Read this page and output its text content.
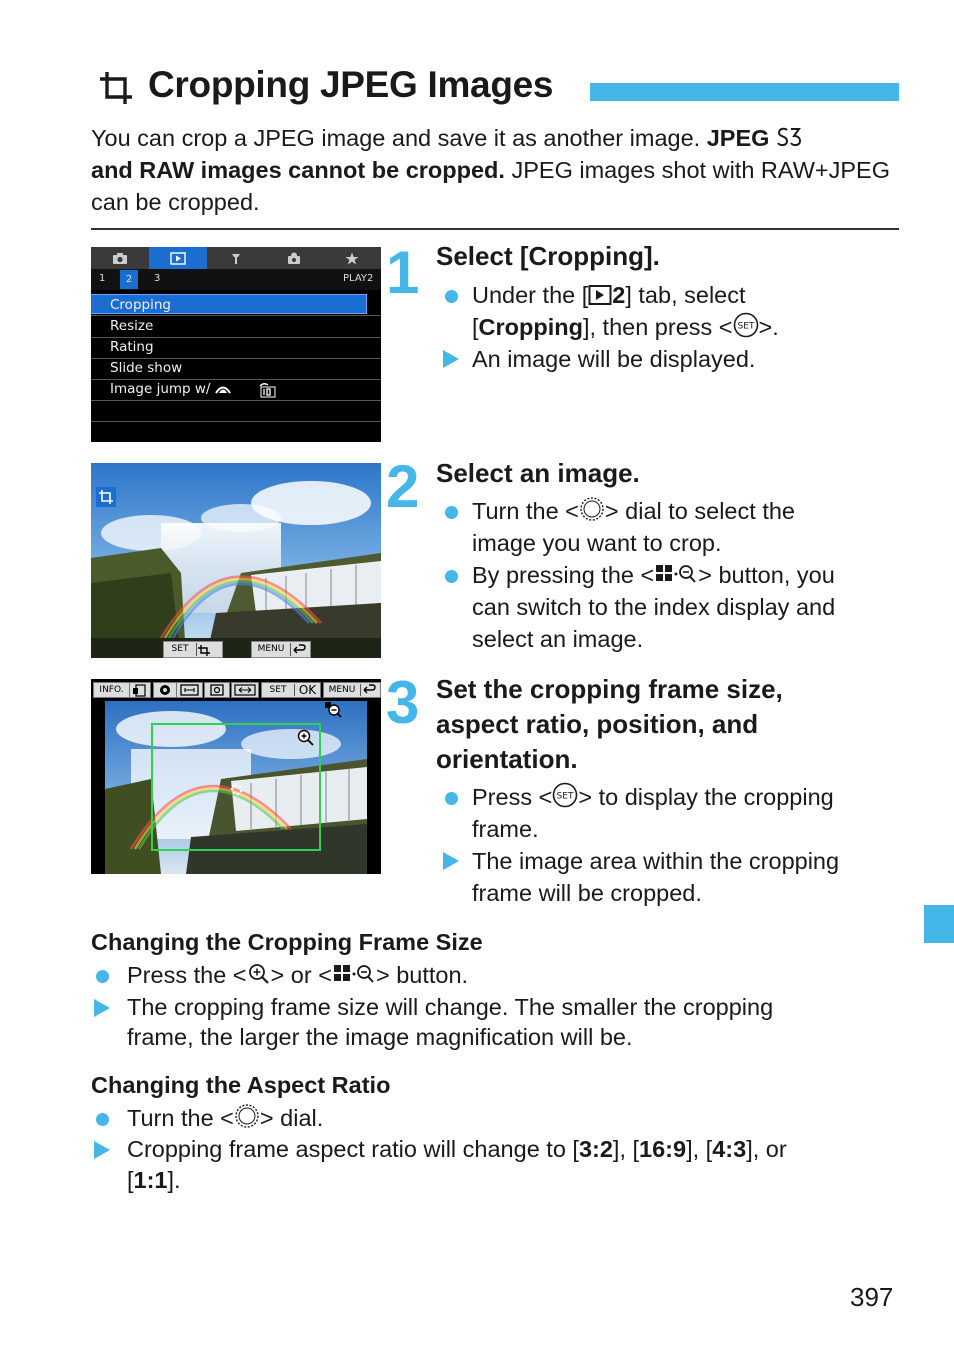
Cropping JPEG Images
You can crop a JPEG image and save it as another image. JPEG
and RAW images cannot be cropped. JPEG images shot with RAW+JPEG can be cropped.
1	2	3	PLAY2
Cropping
Resize
Rating
Slide show
Image jump w/
1 Select [Cropping].
Under the [ 2] tab, select
[Cropping], then press < SET >.
An image will be displayed.
SET	MENU
2 Select an image.
Turn the < > dial to select the
image you want to crop.
By pressing the < > button, you
can switch to the index display and
select an image.
INFO.	SET	OK	MENU 3 Set the cropping frame size,
aspect ratio, position, and
orientation.
Press < SET > to display the cropping
frame.
The image area within the cropping
frame will be cropped.
Changing the Cropping Frame Size
Press the < > or < > button.
The cropping frame size will change. The smaller the cropping
frame, the larger the image magnification will be.
Changing the Aspect Ratio
Turn the < > dial.
Cropping frame aspect ratio will change to [3:2], [16:9], [4:3], or
[1:1].
397
